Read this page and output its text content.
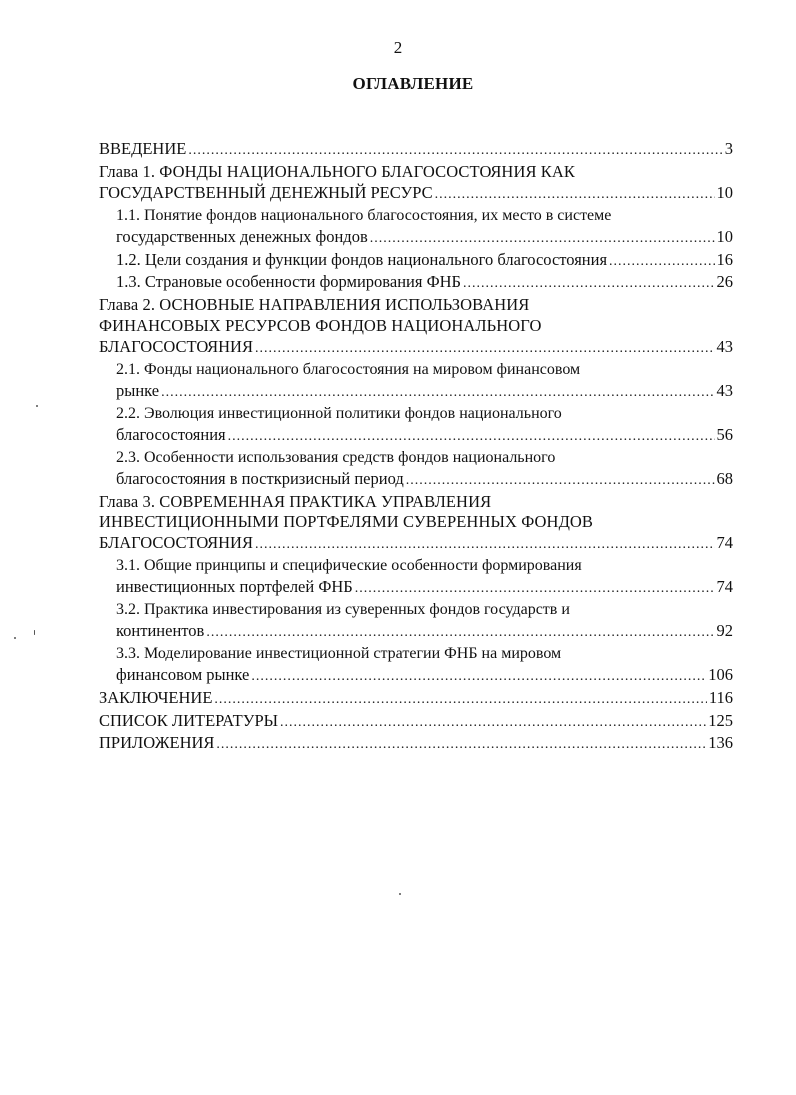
2
ОГЛАВЛЕНИЕ
ВВЕДЕНИЕ .....	3
Глава 1. ФОНДЫ НАЦИОНАЛЬНОГО БЛАГОСОСТОЯНИЯ КАК
ГОСУДАРСТВЕННЫЙ ДЕНЕЖНЫЙ РЕСУРС .....	10
1.1. Понятие фондов национального благосостояния, их место в системе
государственных денежных фондов .....	10
1.2. Цели создания и функции фондов национального благосостояния .....	16
1.3. Страновые особенности формирования ФНБ .....	26
Глава 2. ОСНОВНЫЕ НАПРАВЛЕНИЯ ИСПОЛЬЗОВАНИЯ
ФИНАНСОВЫХ РЕСУРСОВ ФОНДОВ НАЦИОНАЛЬНОГО
БЛАГОСОСТОЯНИЯ .....	43
2.1. Фонды национального благосостояния на мировом финансовом
рынке .....	43
2.2. Эволюция инвестиционной политики фондов национального
благосостояния .....	56
2.3. Особенности использования средств фондов национального
благосостояния в посткризисный период .....	68
Глава 3. СОВРЕМЕННАЯ ПРАКТИКА УПРАВЛЕНИЯ
ИНВЕСТИЦИОННЫМИ ПОРТФЕЛЯМИ СУВЕРЕННЫХ ФОНДОВ
БЛАГОСОСТОЯНИЯ .....	74
3.1. Общие принципы и специфические особенности формирования
инвестиционных портфелей ФНБ .....	74
3.2. Практика инвестирования из суверенных фондов государств и
континентов .....	92
3.3. Моделирование инвестиционной стратегии ФНБ на мировом
финансовом рынке .....	106
ЗАКЛЮЧЕНИЕ .....	116
СПИСОК ЛИТЕРАТУРЫ .....	125
ПРИЛОЖЕНИЯ .....	136
